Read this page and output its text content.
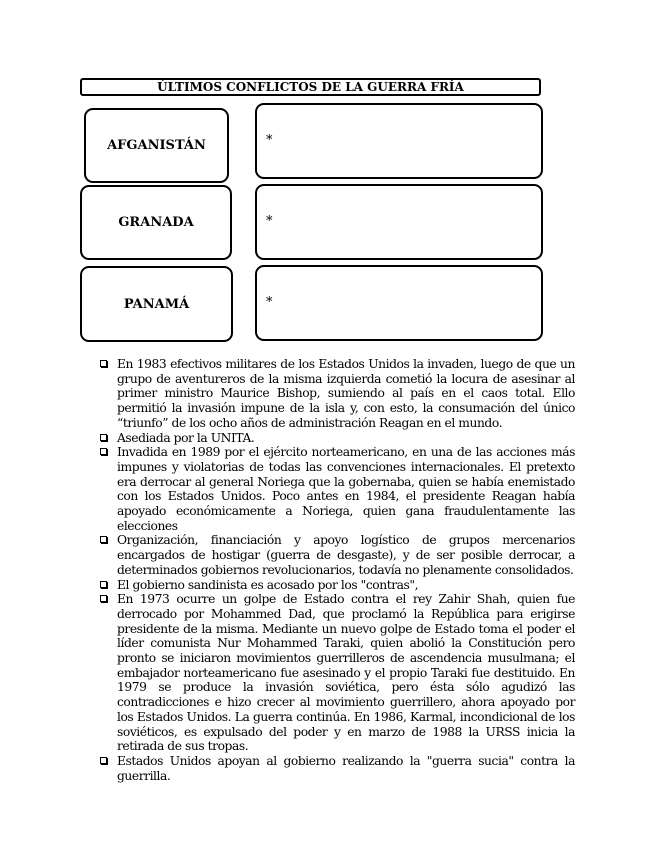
ÚLTIMOS CONFLICTOS DE LA GUERRA FRÍA
AFGANISTÁN	*
GRANADA	*
PANAMÁ	*
En 1983 efectivos militares de los Estados Unidos la invaden, luego de que un grupo de aventureros de la misma izquierda cometió la locura de asesinar al primer ministro Maurice Bishop, sumiendo al país en el caos total. Ello permitió la invasión impune de la isla y, con esto, la consumación del único “triunfo” de los ocho años de administración Reagan en el mundo.
Asediada por la UNITA.
Invadida en 1989 por el ejército norteamericano, en una de las acciones más impunes y violatorias de todas las convenciones internacionales. El pretexto era derrocar al general Noriega que la gobernaba, quien se había enemistado con los Estados Unidos. Poco antes en 1984, el presidente Reagan había apoyado económicamente a Noriega, quien gana fraudulentamente las elecciones
Organización, financiación y apoyo logístico de grupos mercenarios encargados de hostigar (guerra de desgaste), y de ser posible derrocar, a determinados gobiernos revolucionarios, todavía no plenamente consolidados.
El gobierno sandinista es acosado por los "contras",
En 1973 ocurre un golpe de Estado contra el rey Zahir Shah, quien fue derrocado por Mohammed Dad, que proclamó la República para erigirse presidente de la misma. Mediante un nuevo golpe de Estado toma el poder el líder comunista Nur Mohammed Taraki, quien abolió la Constitución pero pronto se iniciaron movimientos guerrilleros de ascendencia musulmana; el embajador norteamericano fue asesinado y el propio Taraki fue destituido. En 1979 se produce la invasión soviética, pero ésta sólo agudizó las contradicciones e hizo crecer al movimiento guerrillero, ahora apoyado por los Estados Unidos. La guerra continúa. En 1986, Karmal, incondicional de los soviéticos, es expulsado del poder y en marzo de 1988 la URSS inicia la retirada de sus tropas.
Estados Unidos apoyan al gobierno realizando la "guerra sucia" contra la guerrilla.
